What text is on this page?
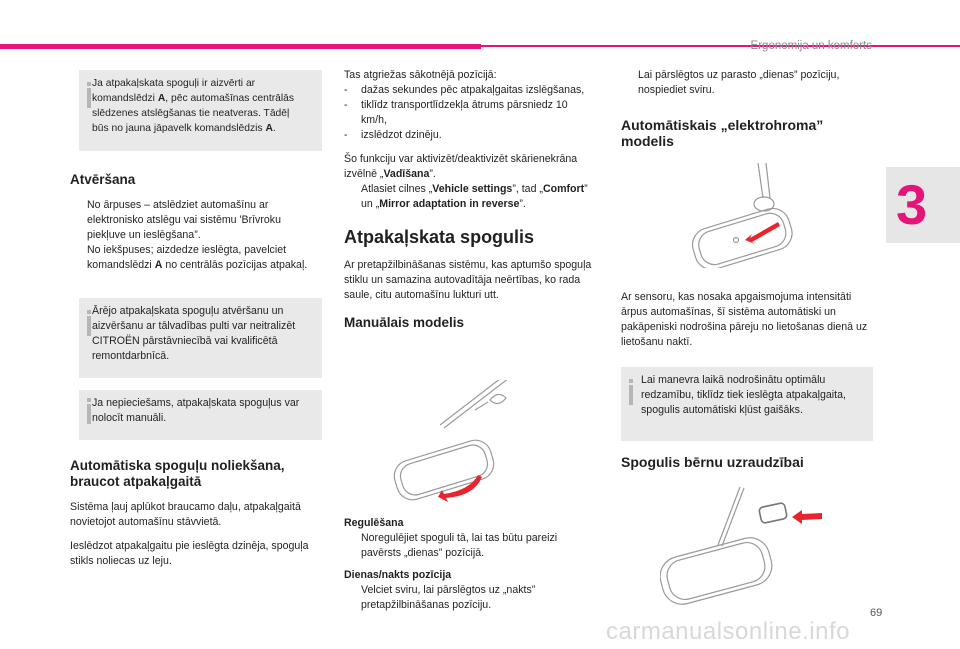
Ergonomija un komforts
3

Ja atpakaļskata spoguļi ir aizvērti ar

komandslēdzi A, pēc automašīnas centrālās

slēdzenes atslēgšanas tie neatveras. Tādēļ

būs no jauna jāpavelk komandslēdzis A.

Atvēršana

No ārpuses – atslēdziet automašīnu ar elektronisko atslēgu vai sistēmu 'Brīvroku piekļuve un ieslēgšana”.
No iekšpuses; aizdedze ieslēgta, pavelciet komandslēdzi A no centrālās pozīcijas atpakaļ.
Ārējo atpakaļskata spoguļu atvēršanu un aizvēršanu ar tālvadības pulti var neitralizēt CITROËN pārstāvniecībā vai kvalificētā remontdarbnīcā.
Ja nepieciešams, atpakaļskata spoguļus var nolocīt manuāli.

Automātiska spoguļu noliekšana, braucot atpakaļgaitā

Sistēma ļauj aplūkot braucamo daļu, atpakaļgaitā novietojot automašīnu stāvvietā.

Ieslēdzot atpakaļgaitu pie ieslēgta dzinēja, spoguļa stikls noliecas uz leju.

Tas atgriežas sākotnējā pozīcijā:

- dažas sekundes pēc atpakaļgaitas izslēgšanas,
- tiklīdz transportlīdzekļa ātrums pārsniedz 10 km/h,
- izslēdzot dzinēju.

Šo funkciju var aktivizēt/deaktivizēt skārienekrāna izvēlnē „Vadīšana”.

Atlasiet cilnes „Vehicle settings”, tad „Comfort” un „Mirror adaptation in reverse”.

Atpakaļskata spogulis

Ar pretapžilbināšanas sistēmu, kas aptumšo spoguļa stiklu un samazina autovadītāja neērtības, ko rada saule, citu automašīnu lukturi utt.

Manuālais modelis

Regulēšana

Noregulējiet spoguli tā, lai tas būtu pareizi pavērsts „dienas” pozīcijā.

Dienas/nakts pozīcija

Velciet sviru, lai pārslēgtos uz „nakts” pretapžilbināšanas pozīciju.
Lai pārslēgtos uz parasto „dienas” pozīciju, nospiediet sviru.

Automātiskais „elektrohroma” modelis

Ar sensoru, kas nosaka apgaismojuma intensitāti ārpus automašīnas, šī sistēma automātiski un pakāpeniski nodrošina pāreju no lietošanas dienā uz lietošanu naktī.
Lai manevra laikā nodrošinātu optimālu redzamību, tiklīdz tiek ieslēgta atpakaļgaita, spogulis automātiski kļūst gaišāks.

Spogulis bērnu uzraudzībai

69
carmanualsonline.info
